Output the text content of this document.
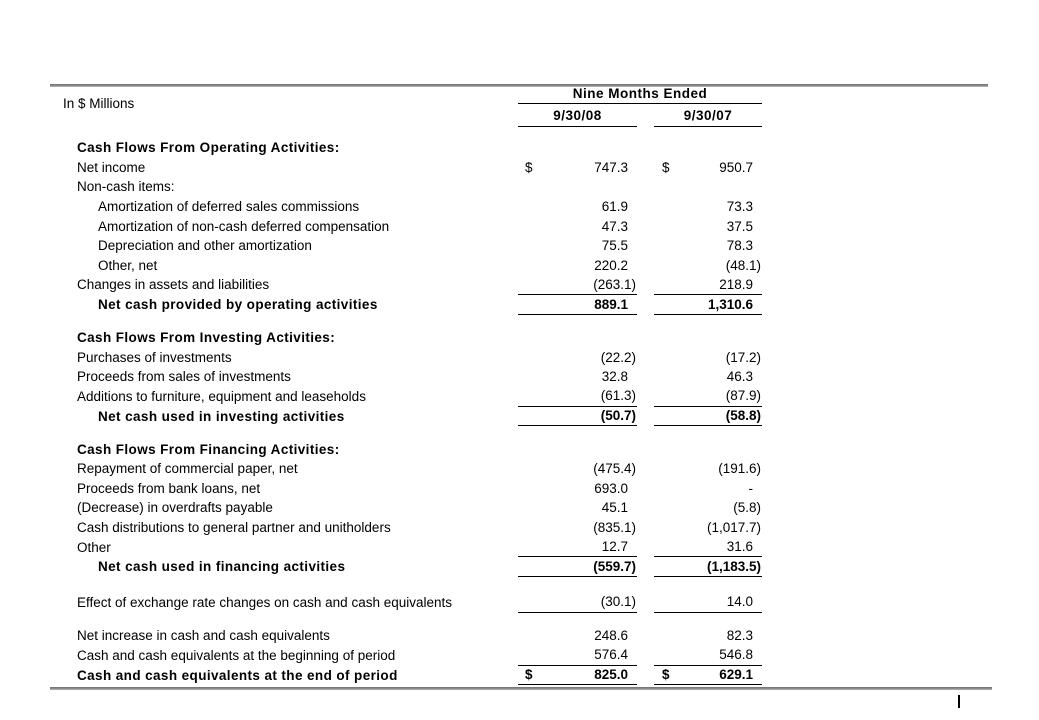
In $ Millions
Nine Months Ended
9/30/08	9/30/07
Cash Flows From Operating Activities:
Net income	$	747.3	$	950.7
Non-cash items:
Amortization of deferred sales commissions	61.9	73.3
Amortization of non-cash deferred compensation	47.3	37.5
Depreciation and other amortization	75.5	78.3
Other, net	220.2	(48.1)
Changes in assets and liabilities	(263.1)	218.9
Net cash provided by operating activities	889.1	1,310.6
Cash Flows From Investing Activities:
Purchases of investments	(22.2)	(17.2)
Proceeds from sales of investments	32.8	46.3
Additions to furniture, equipment and leaseholds	(61.3)	(87.9)
Net cash used in investing activities	(50.7)	(58.8)
Cash Flows From Financing Activities:
Repayment of commercial paper, net	(475.4)	(191.6)
Proceeds from bank loans, net	693.0	-
(Decrease) in overdrafts payable	45.1	(5.8)
Cash distributions to general partner and unitholders	(835.1)	(1,017.7)
Other	12.7	31.6
Net cash used in financing activities	(559.7)	(1,183.5)
Effect of exchange rate changes on cash and cash equivalents	(30.1)	14.0
Net increase in cash and cash equivalents	248.6	82.3
Cash and cash equivalents at the beginning of period	576.4	546.8
Cash and cash equivalents at the end of period	$	825.0	$	629.1
